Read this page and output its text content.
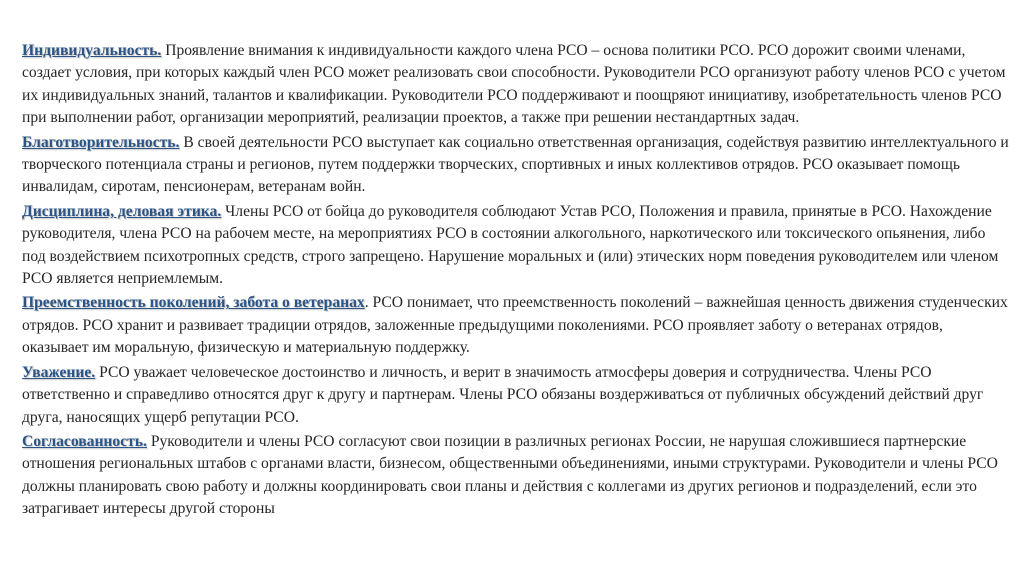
Индивидуальность. Проявление внимания к индивидуальности каждого члена РСО – основа политики РСО. РСО дорожит своими членами, создает условия, при которых каждый член РСО может реализовать свои способности. Руководители РСО организуют работу членов РСО с учетом их индивидуальных знаний, талантов и квалификации. Руководители РСО поддерживают и поощряют инициативу, изобретательность членов РСО при выполнении работ, организации мероприятий, реализации проектов, а также при решении нестандартных задач.

Благотворительность. В своей деятельности РСО выступает как социально ответственная организация, содействуя развитию интеллектуального и творческого потенциала страны и регионов, путем поддержки творческих, спортивных и иных коллективов отрядов. РСО оказывает помощь инвалидам, сиротам, пенсионерам, ветеранам войн.

Дисциплина, деловая этика. Члены РСО от бойца до руководителя соблюдают Устав РСО, Положения и правила, принятые в РСО. Нахождение руководителя, члена РСО на рабочем месте, на мероприятиях РСО в состоянии алкогольного, наркотического или токсического опьянения, либо под воздействием психотропных средств, строго запрещено. Нарушение моральных и (или) этических норм поведения руководителем или членом РСО является неприемлемым.

Преемственность поколений, забота о ветеранах. РСО понимает, что преемственность поколений – важнейшая ценность движения студенческих отрядов. РСО хранит и развивает традиции отрядов, заложенные предыдущими поколениями. РСО проявляет заботу о ветеранах отрядов, оказывает им моральную, физическую и материальную поддержку.

Уважение. РСО уважает человеческое достоинство и личность, и верит в значимость атмосферы доверия и сотрудничества. Члены РСО ответственно и справедливо относятся друг к другу и партнерам. Члены РСО обязаны воздерживаться от публичных обсуждений действий друг друга, наносящих ущерб репутации РСО.

Согласованность. Руководители и члены РСО согласуют свои позиции в различных регионах России, не нарушая сложившиеся партнерские отношения региональных штабов с органами власти, бизнесом, общественными объединениями, иными структурами. Руководители и члены РСО должны планировать свою работу и должны координировать свои планы и действия с коллегами из других регионов и подразделений, если это затрагивает интересы другой стороны
